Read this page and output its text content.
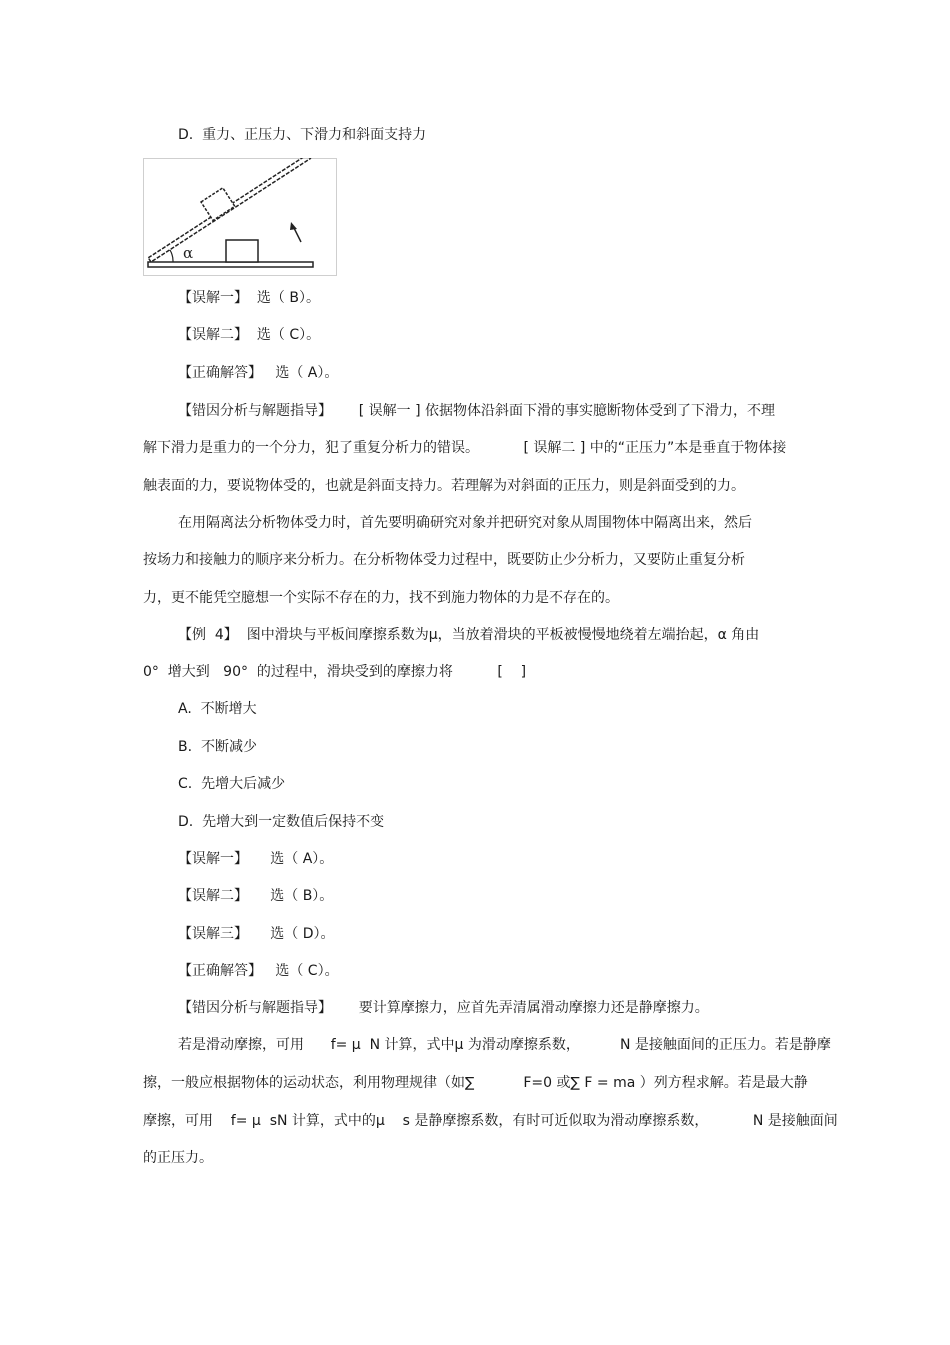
D.  重力、正压力、下滑力和斜面支持力
α
【误解一】  选（ B）。
【误解二】  选（ C）。
【正确解答】   选（ A）。
【错因分析与解题指导】      [ 误解一 ] 依据物体沿斜面下滑的事实臆断物体受到了下滑力，不理
解下滑力是重力的一个分力，犯了重复分析力的错误。          [ 误解二 ] 中的“正压力”本是垂直于物体接
触表面的力，要说物体受的，也就是斜面支持力。若理解为对斜面的正压力，则是斜面受到的力。
在用隔离法分析物体受力时，首先要明确研究对象并把研究对象从周围物体中隔离出来，然后
按场力和接触力的顺序来分析力。在分析物体受力过程中，既要防止少分析力，又要防止重复分析
力，更不能凭空臆想一个实际不存在的力，找不到施力物体的力是不存在的。
【例  4】  图中滑块与平板间摩擦系数为μ，当放着滑块的平板被慢慢地绕着左端抬起，α 角由
0°  增大到   90°  的过程中，滑块受到的摩擦力将          [    ]
A.  不断增大
B.  不断减少
C.  先增大后减少
D.  先增大到一定数值后保持不变
【误解一】     选（ A）。
【误解二】     选（ B）。
【误解三】     选（ D）。
【正确解答】   选（ C）。
【错因分析与解题指导】      要计算摩擦力，应首先弄清属滑动摩擦力还是静摩擦力。
若是滑动摩擦，可用      f= μ  N 计算，式中μ 为滑动摩擦系数，         N 是接触面间的正压力。若是静摩
擦，一般应根据物体的运动状态，利用物理规律（如∑           F=0 或∑ F = ma ）列方程求解。若是最大静
摩擦，可用    f= μ  sN 计算，式中的μ    s 是静摩擦系数，有时可近似取为滑动摩擦系数，          N 是接触面间
的正压力。
